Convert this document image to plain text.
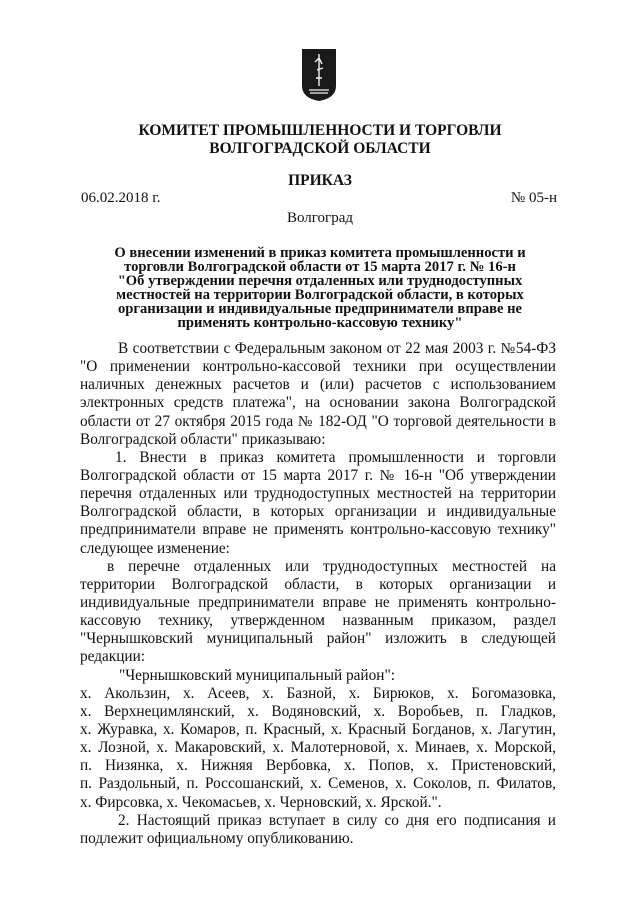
КОМИТЕТ ПРОМЫШЛЕННОСТИ И ТОРГОВЛИ
ВОЛГОГРАДСКОЙ ОБЛАСТИ
ПРИКАЗ
06.02.2018 г.	№ 05-н
Волгоград
О внесении изменений в приказ комитета промышленности и
торговли Волгоградской области от 15 марта 2017 г. № 16-н
"Об утверждении перечня отдаленных или труднодоступных
местностей на территории Волгоградской области, в которых
организации и индивидуальные предприниматели вправе не
применять контрольно-кассовую технику"
В соответствии с Федеральным законом от 22 мая 2003 г. №54-ФЗ
"О применении контрольно-кассовой техники при осуществлении
наличных денежных расчетов и (или) расчетов с использованием
электронных средств платежа", на основании закона Волгоградской
области от 27 октября 2015 года № 182-ОД "О торговой деятельности в
Волгоградской области" приказываю:
1. Внести в приказ комитета промышленности и торговли
Волгоградской области от 15 марта 2017 г. № 16-н "Об утверждении
перечня отдаленных или труднодоступных местностей на территории
Волгоградской области, в которых организации и индивидуальные
предприниматели вправе не применять контрольно-кассовую технику"
следующее изменение:
в перечне отдаленных или труднодоступных местностей на
территории Волгоградской области, в которых организации и
индивидуальные предприниматели вправе не применять контрольно-
кассовую технику, утвержденном названным приказом, раздел
"Чернышковский муниципальный район" изложить в следующей
редакции:
"Чернышковский муниципальный район":
х. Акользин, х. Асеев, х. Базной, х. Бирюков, х. Богомазовка,
х. Верхнецимлянский, х. Водяновский, х. Воробьев, п. Гладков,
х. Журавка, х. Комаров, п. Красный, х. Красный Богданов, х. Лагутин,
х. Лозной, х. Макаровский, х. Малотерновой, х. Минаев, х. Морской,
п. Низянка, х. Нижняя Вербовка, х. Попов, х. Пристеновский,
п. Раздольный, п. Россошанский, х. Семенов, х. Соколов, п. Филатов,
х. Фирсовка, х. Чекомасьев, х. Черновский, х. Ярской.".
2. Настоящий приказ вступает в силу со дня его подписания и
подлежит официальному опубликованию.
